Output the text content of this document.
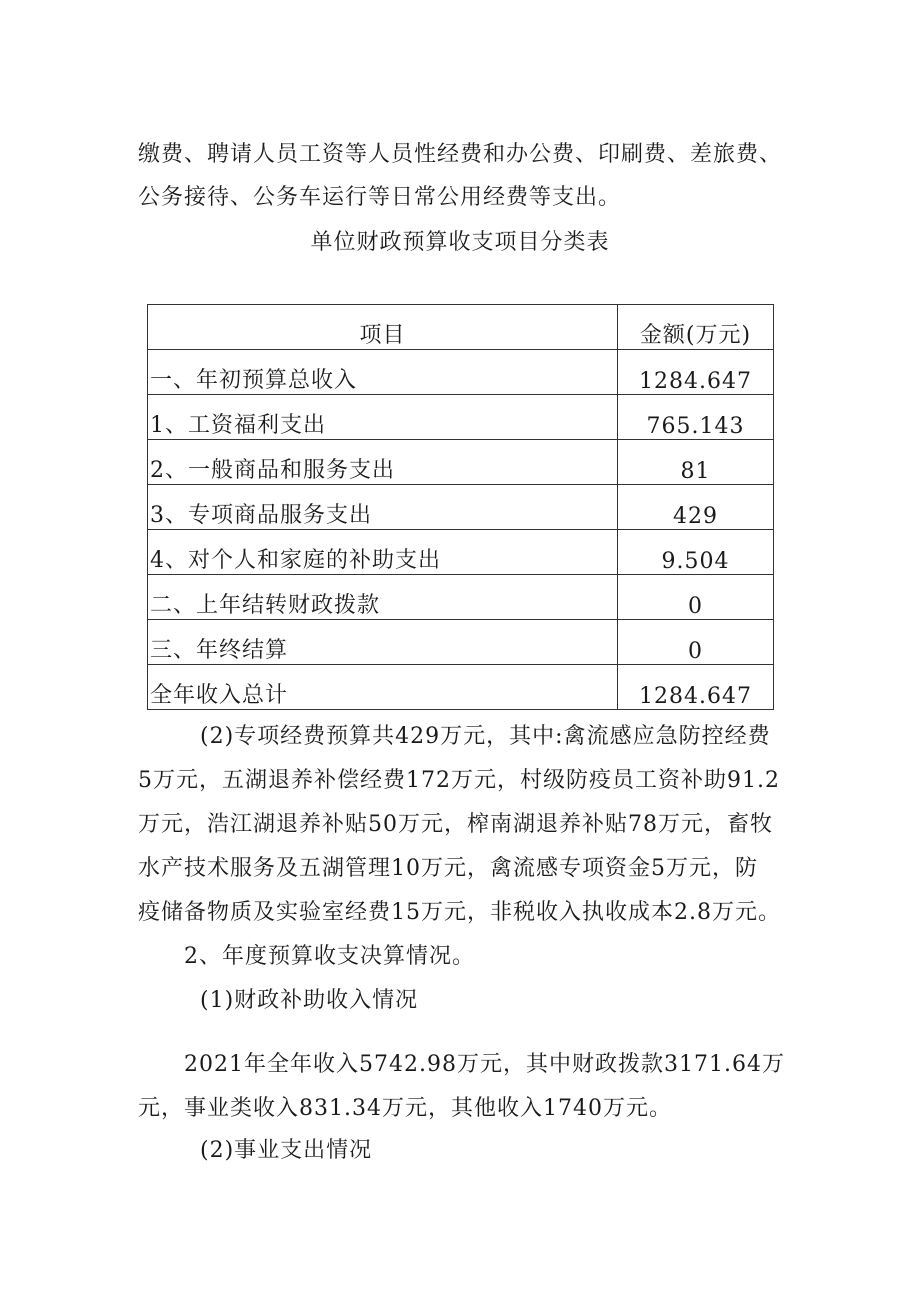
缴费、聘请人员工资等人员性经费和办公费、印刷费、差旅费、
公务接待、公务车运行等日常公用经费等支出。
单位财政预算收支项目分类表
项目	金额(万元)
一、年初预算总收入	1284.647
1、工资福利支出	765.143
2、一般商品和服务支出	81
3、专项商品服务支出	429
4、对个人和家庭的补助支出	9.504
二、上年结转财政拨款	0
三、年终结算	0
全年收入总计	1284.647
(2)专项经费预算共429万元，其中:禽流感应急防控经费
5万元，五湖退养补偿经费172万元，村级防疫员工资补助91.2
万元，浩江湖退养补贴50万元，榨南湖退养补贴78万元，畜牧
水产技术服务及五湖管理10万元，禽流感专项资金5万元，防
疫储备物质及实验室经费15万元，非税收入执收成本2.8万元。
2、年度预算收支决算情况。
(1)财政补助收入情况
2021年全年收入5742.98万元，其中财政拨款3171.64万
元，事业类收入831.34万元，其他收入1740万元。
(2)事业支出情况
